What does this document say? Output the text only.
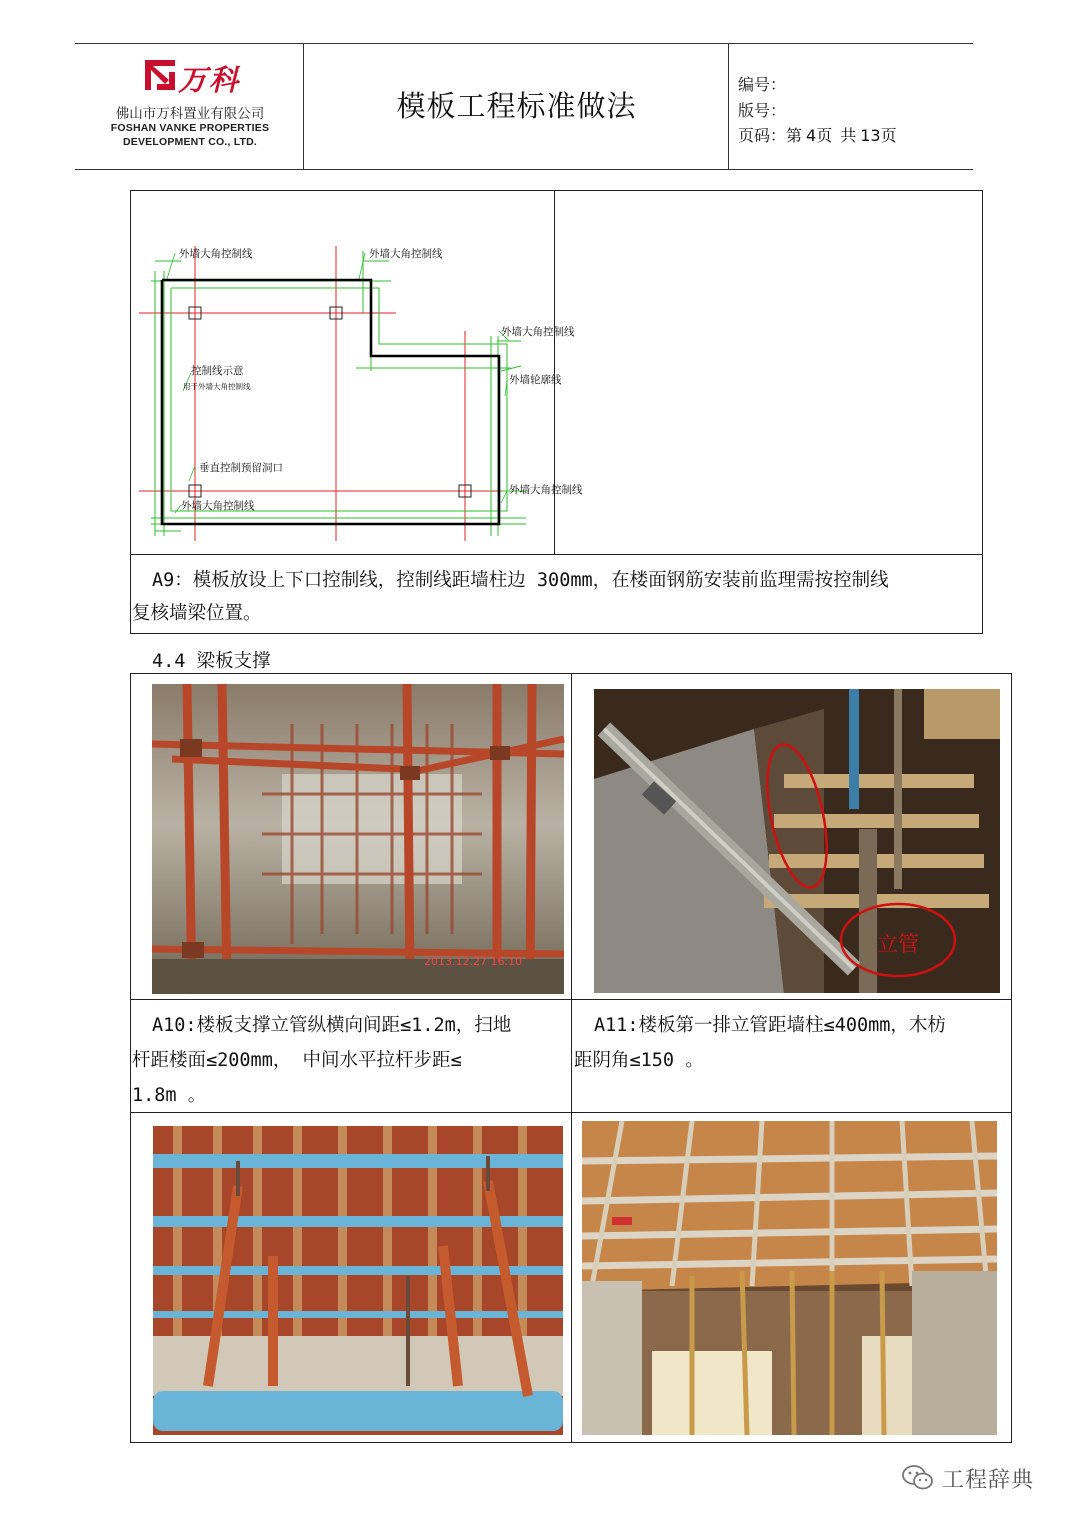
万科
佛山市万科置业有限公司
FOSHAN VANKE PROPERTIES
DEVELOPMENT CO., LTD.
模板工程标准做法
编号：
版号：
页码：第 4页 共 13页
外墙大角控制线	外墙大角控制线
外墙大角控制线
外墙轮廓线
控制线示意
用于外墙大角控制线
垂直控制预留洞口
外墙大角控制线
外墙大角控制线
A9：模板放设上下口控制线，控制线距墙柱边 300mm，在楼面钢筋安装前监理需按控制线
复核墙梁位置。
4.4 梁板支撑
2013.12.27 16:10
立管
A10:楼板支撑立管纵横向间距≤1.2m，扫地
杆距楼面≤200mm， 中间水平拉杆步距≤
1.8m 。
A11:楼板第一排立管距墙柱≤400mm，木枋
距阴角≤150 。
工程辞典
